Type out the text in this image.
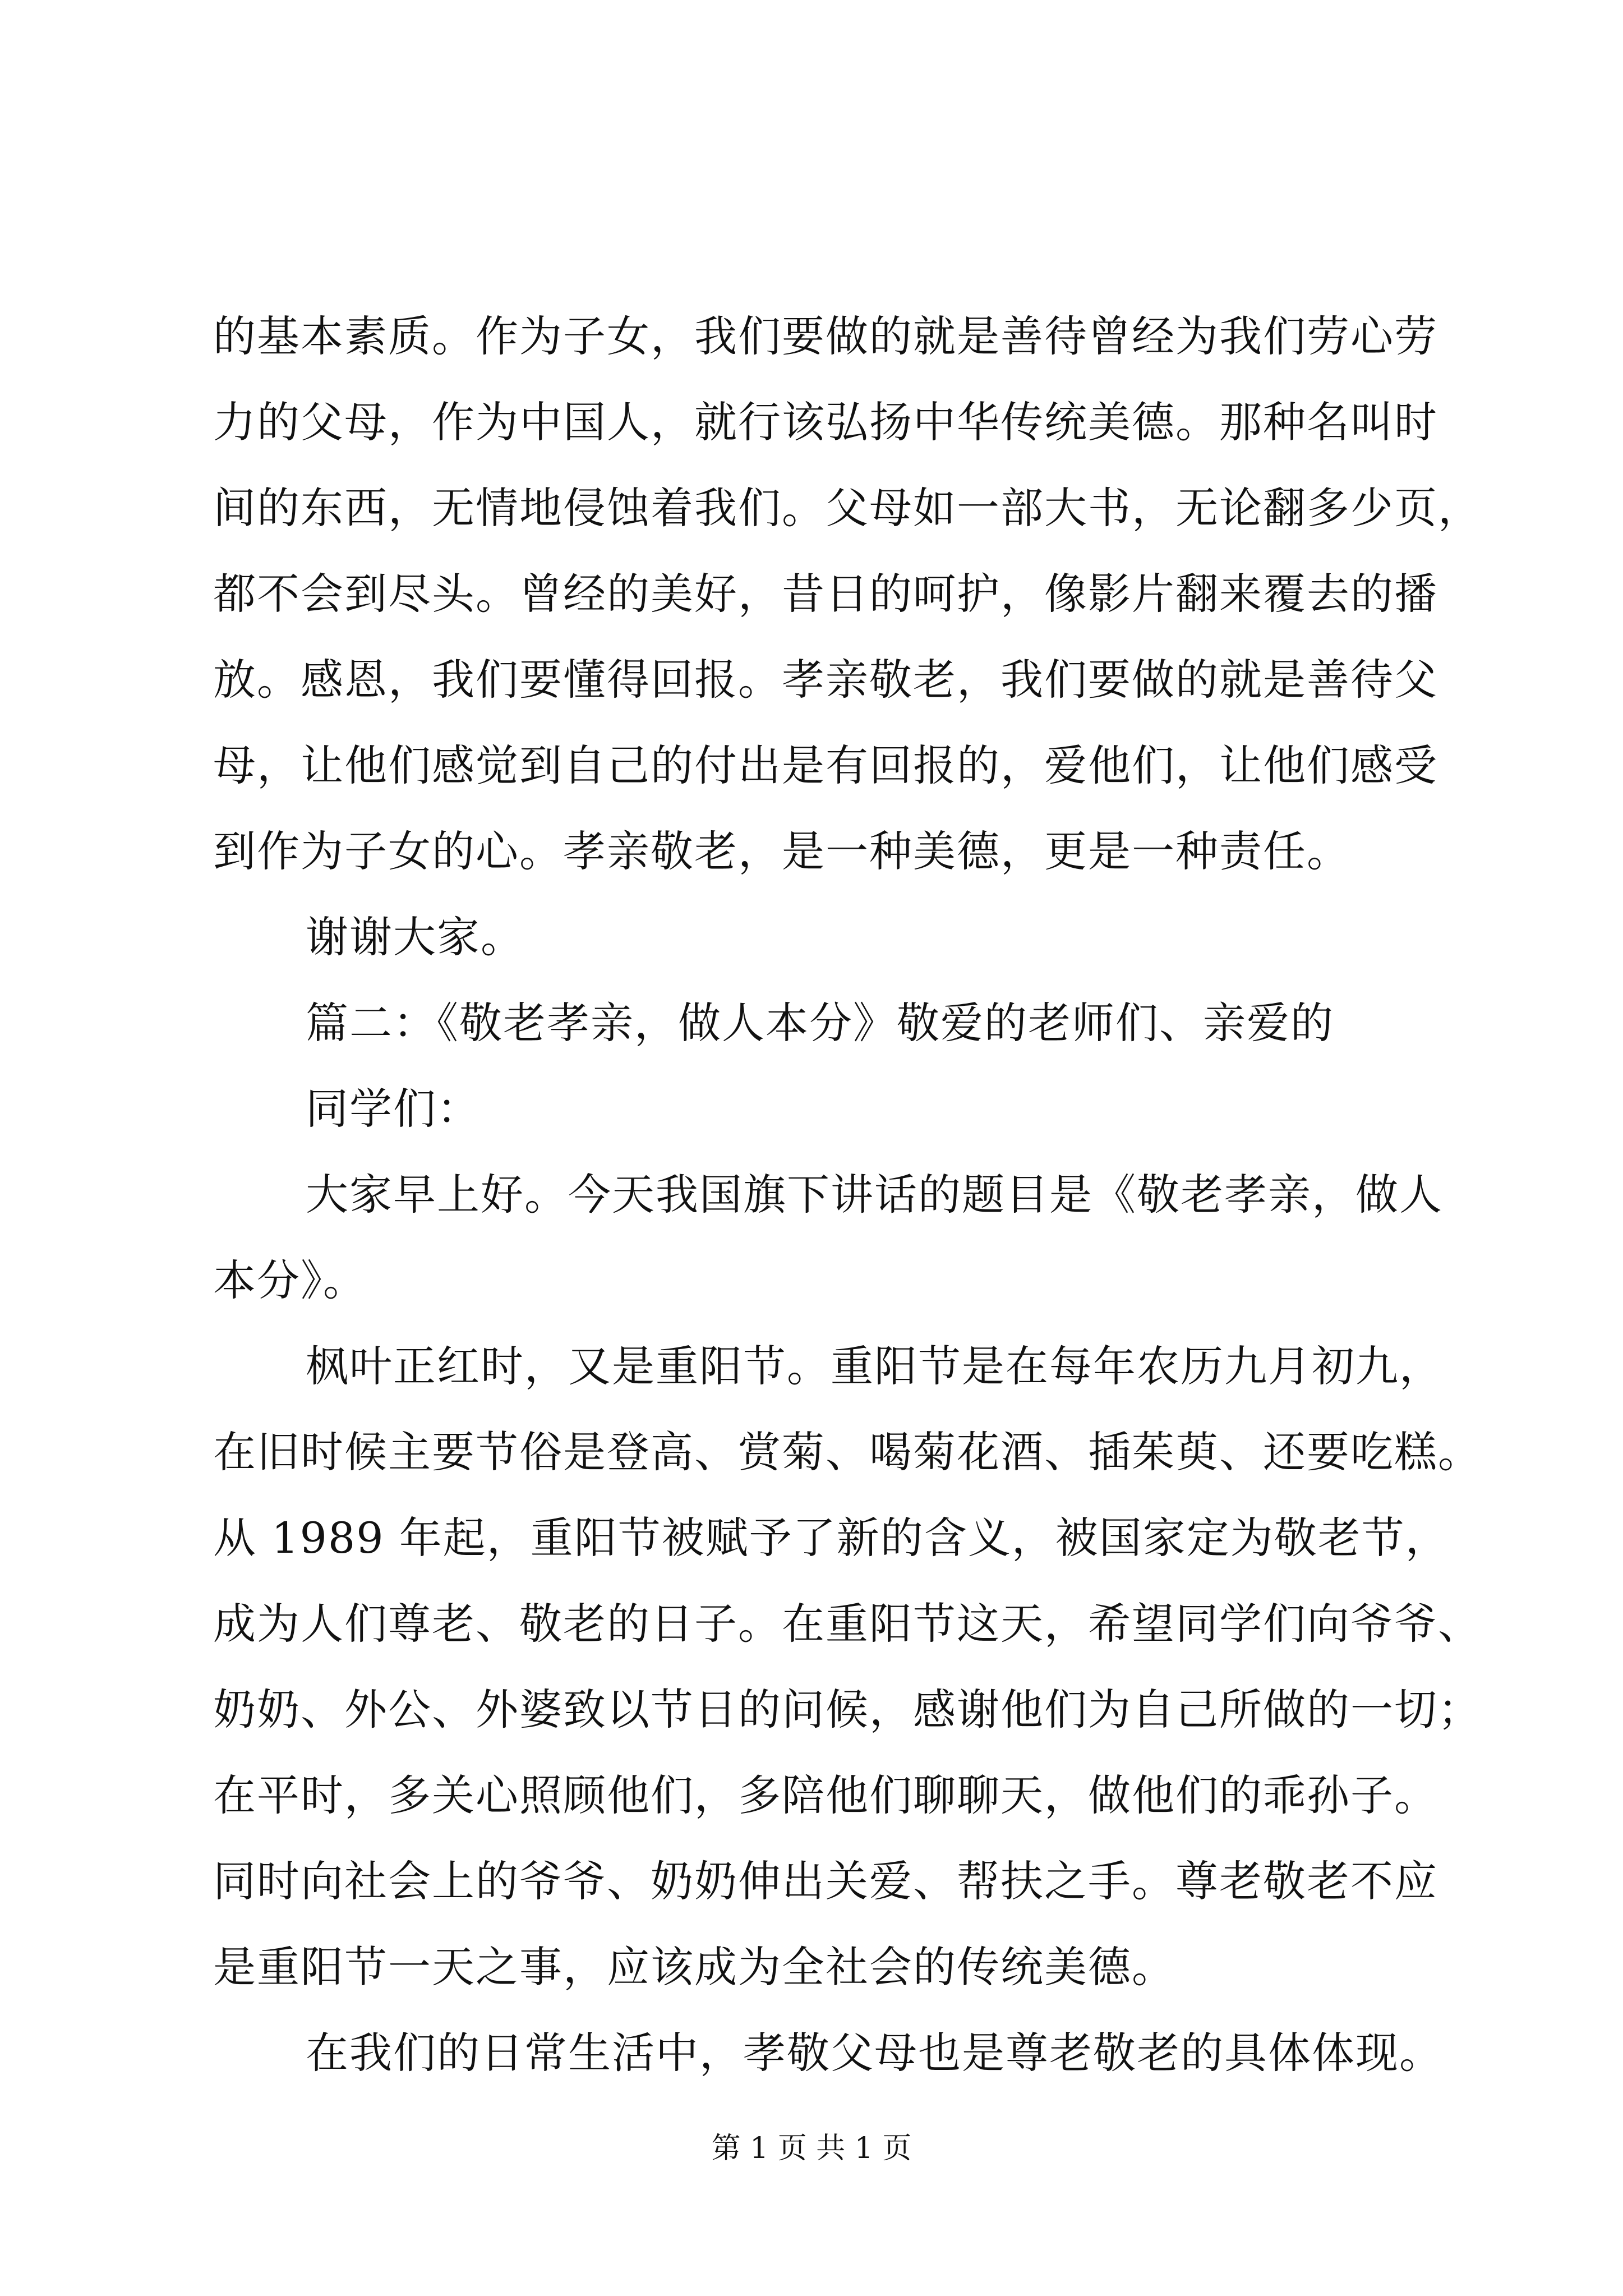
的基本素质。作为子女，我们要做的就是善待曾经为我们劳心劳
力的父母，作为中国人，就行该弘扬中华传统美德。那种名叫时
间的东西，无情地侵蚀着我们。父母如一部大书，无论翻多少页，
都不会到尽头。曾经的美好，昔日的呵护，像影片翻来覆去的播
放。感恩，我们要懂得回报。孝亲敬老，我们要做的就是善待父
母，让他们感觉到自己的付出是有回报的，爱他们，让他们感受
到作为子女的心。孝亲敬老，是一种美德，更是一种责任。
谢谢大家。
篇二：《敬老孝亲，做人本分》敬爱的老师们、亲爱的
同学们：
大家早上好。今天我国旗下讲话的题目是《敬老孝亲，做人
本分》。
枫叶正红时，又是重阳节。重阳节是在每年农历九月初九，
在旧时候主要节俗是登高、赏菊、喝菊花酒、插茱萸、还要吃糕。
从 1989 年起，重阳节被赋予了新的含义，被国家定为敬老节，
成为人们尊老、敬老的日子。在重阳节这天，希望同学们向爷爷、
奶奶、外公、外婆致以节日的问候，感谢他们为自己所做的一切；
在平时，多关心照顾他们，多陪他们聊聊天，做他们的乖孙子。
同时向社会上的爷爷、奶奶伸出关爱、帮扶之手。尊老敬老不应
是重阳节一天之事，应该成为全社会的传统美德。
在我们的日常生活中，孝敬父母也是尊老敬老的具体体现。
第 1 页 共 1 页
